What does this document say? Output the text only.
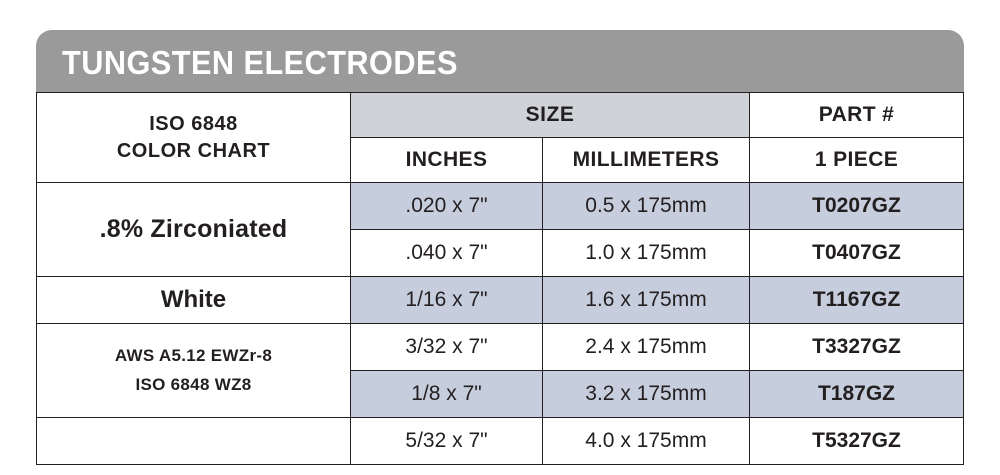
TUNGSTEN ELECTRODES
ISO 6848
COLOR CHART	SIZE		PART #
	INCHES	MILLIMETERS	1 PIECE
.8% Zirconiated	.020 x 7"	0.5 x 175mm	T0207GZ
	.040 x 7"	1.0 x 175mm	T0407GZ
White	1/16 x 7"	1.6 x 175mm	T1167GZ

AWS A5.12 EWZr-8
ISO 6848 WZ8	3/32 x 7"	2.4 x 175mm	T3327GZ
	1/8 x 7"	3.2 x 175mm	T187GZ
	5/32 x 7"	4.0 x 175mm	T5327GZ
